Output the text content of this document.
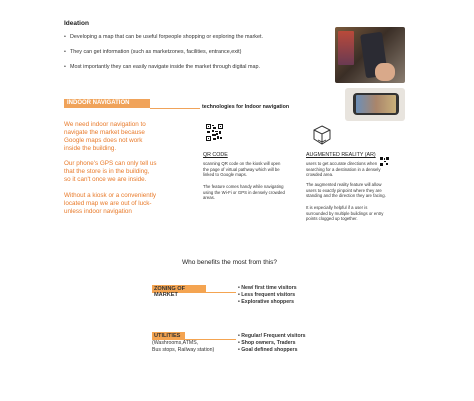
Ideation
• Developing a map that can be useful forpeople shopping or exploring the market.
• They can get information (such as marketzones, facilities, entrance,exit)
• Most importantly they can easily navigate inside the market through digital map.
INDOOR NAVIGATION
technologies for Indoor navigation
We need indoor navigation to
navigate the market because
Google maps does not work
inside the building.
Our phone's GPS can only tell us
that the store is in the building,
so it can't once we are inside.
Without a kiosk or a conveniently
located map we are out of luck-
unless indoor navigation
QR CODE
scanning QR code on the kiosk will open
the page of virtual pathway which will be
linked to Google maps.
The feature comes handy while navigating
using the Wi-Fi or GPS in densely crowded
areas.
AUGMENTED REALITY (AR)
users to get accurate directions when
searching for a destination in a densely
crowded area.
The augmented reality feature will allow
users to exactly pinpoint where they are
standing and the direction they are facing.
It is especially helpful if a user is
surrounded by multiple buildings or entry
points clogged up together.
Who benefits the most from this?
ZONING OF MARKET
• New/ first time visitors
• Less frequent visitors
• Explorative shoppers
UTILITIES
(Washrooms,ATMS,
Bus stops, Railway station)
• Regular/ Frequent visitors
• Shop owners, Traders
• Goal defined shoppers
